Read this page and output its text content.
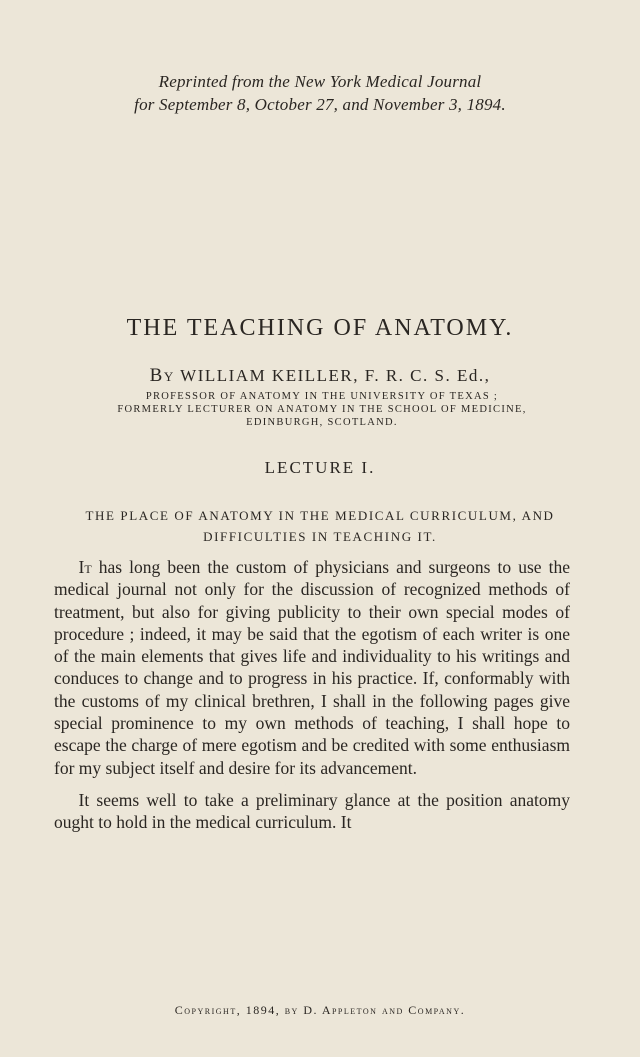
Reprinted from the New York Medical Journal
for September 8, October 27, and November 3, 1894.
THE TEACHING OF ANATOMY.
By WILLIAM KEILLER, F. R. C. S. Ed.,
PROFESSOR OF ANATOMY IN THE UNIVERSITY OF TEXAS ;
FORMERLY LECTURER ON ANATOMY IN THE SCHOOL OF MEDICINE,
EDINBURGH, SCOTLAND.
LECTURE I.
THE PLACE OF ANATOMY IN THE MEDICAL CURRICULUM, AND
DIFFICULTIES IN TEACHING IT.

It has long been the custom of physicians and surgeons to use the medical journal not only for the discussion of recognized methods of treatment, but also for giving publicity to their own special modes of procedure ; indeed, it may be said that the egotism of each writer is one of the main elements that gives life and individuality to his writings and conduces to change and to progress in his practice. If, conformably with the customs of my clinical brethren, I shall in the following pages give special prominence to my own methods of teaching, I shall hope to escape the charge of mere egotism and be credited with some enthusiasm for my subject itself and desire for its advancement.

It seems well to take a preliminary glance at the position anatomy ought to hold in the medical curriculum. It

Copyright, 1894, by D. Appleton and Company.
